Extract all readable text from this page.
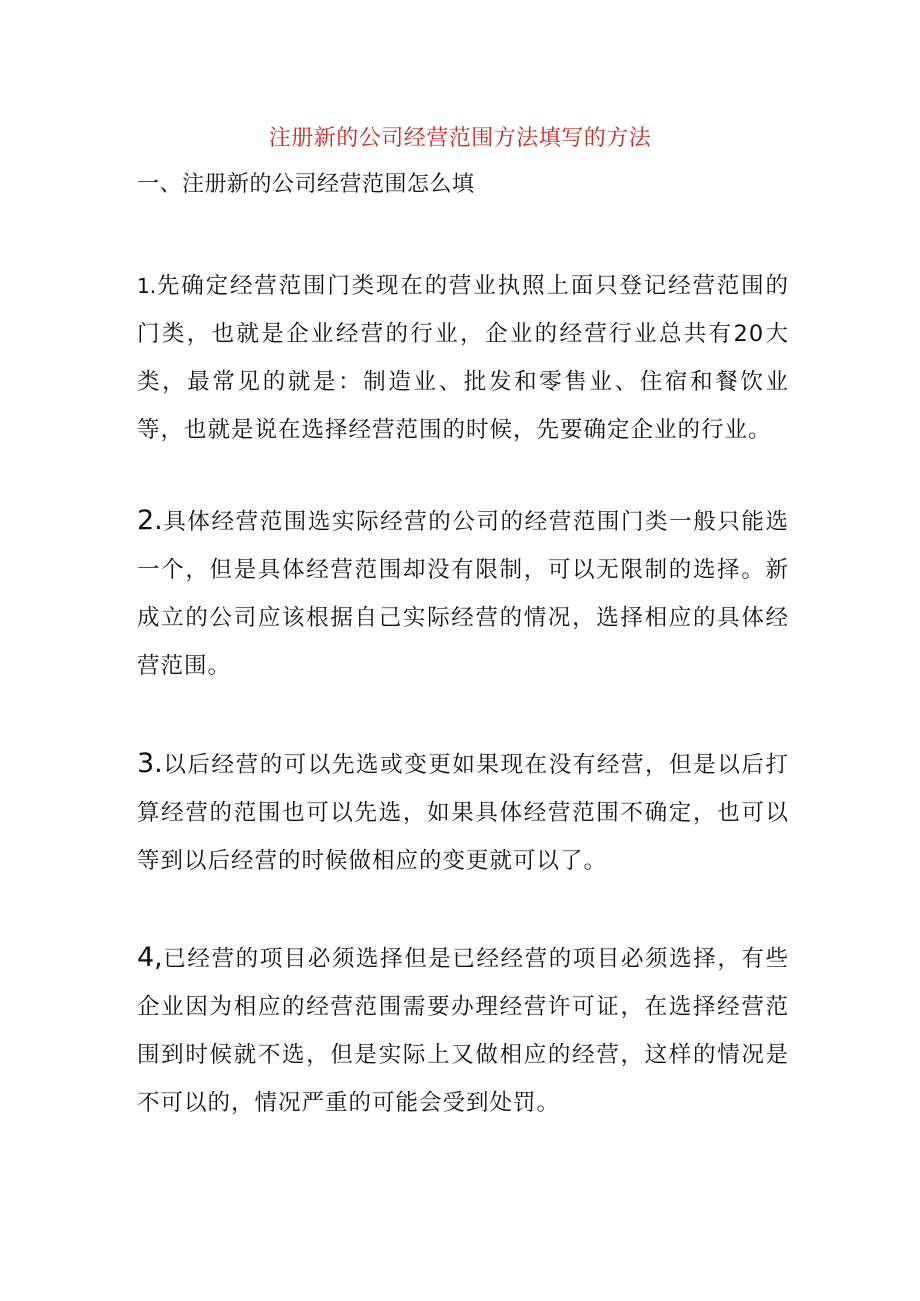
注册新的公司经营范围方法填写的方法
一、注册新的公司经营范围怎么填

1.先确定经营范围门类现在的营业执照上面只登记经营范围的门类，也就是企业经营的行业，企业的经营行业总共有20大类，最常见的就是：制造业、批发和零售业、住宿和餐饮业等，也就是说在选择经营范围的时候，先要确定企业的行业。

2.具体经营范围选实际经营的公司的经营范围门类一般只能选一个，但是具体经营范围却没有限制，可以无限制的选择。新成立的公司应该根据自己实际经营的情况，选择相应的具体经营范围。

3.以后经营的可以先选或变更如果现在没有经营，但是以后打算经营的范围也可以先选，如果具体经营范围不确定，也可以等到以后经营的时候做相应的变更就可以了。

4,已经营的项目必须选择但是已经经营的项目必须选择，有些企业因为相应的经营范围需要办理经营许可证，在选择经营范围到时候就不选，但是实际上又做相应的经营，这样的情况是不可以的，情况严重的可能会受到处罚。
